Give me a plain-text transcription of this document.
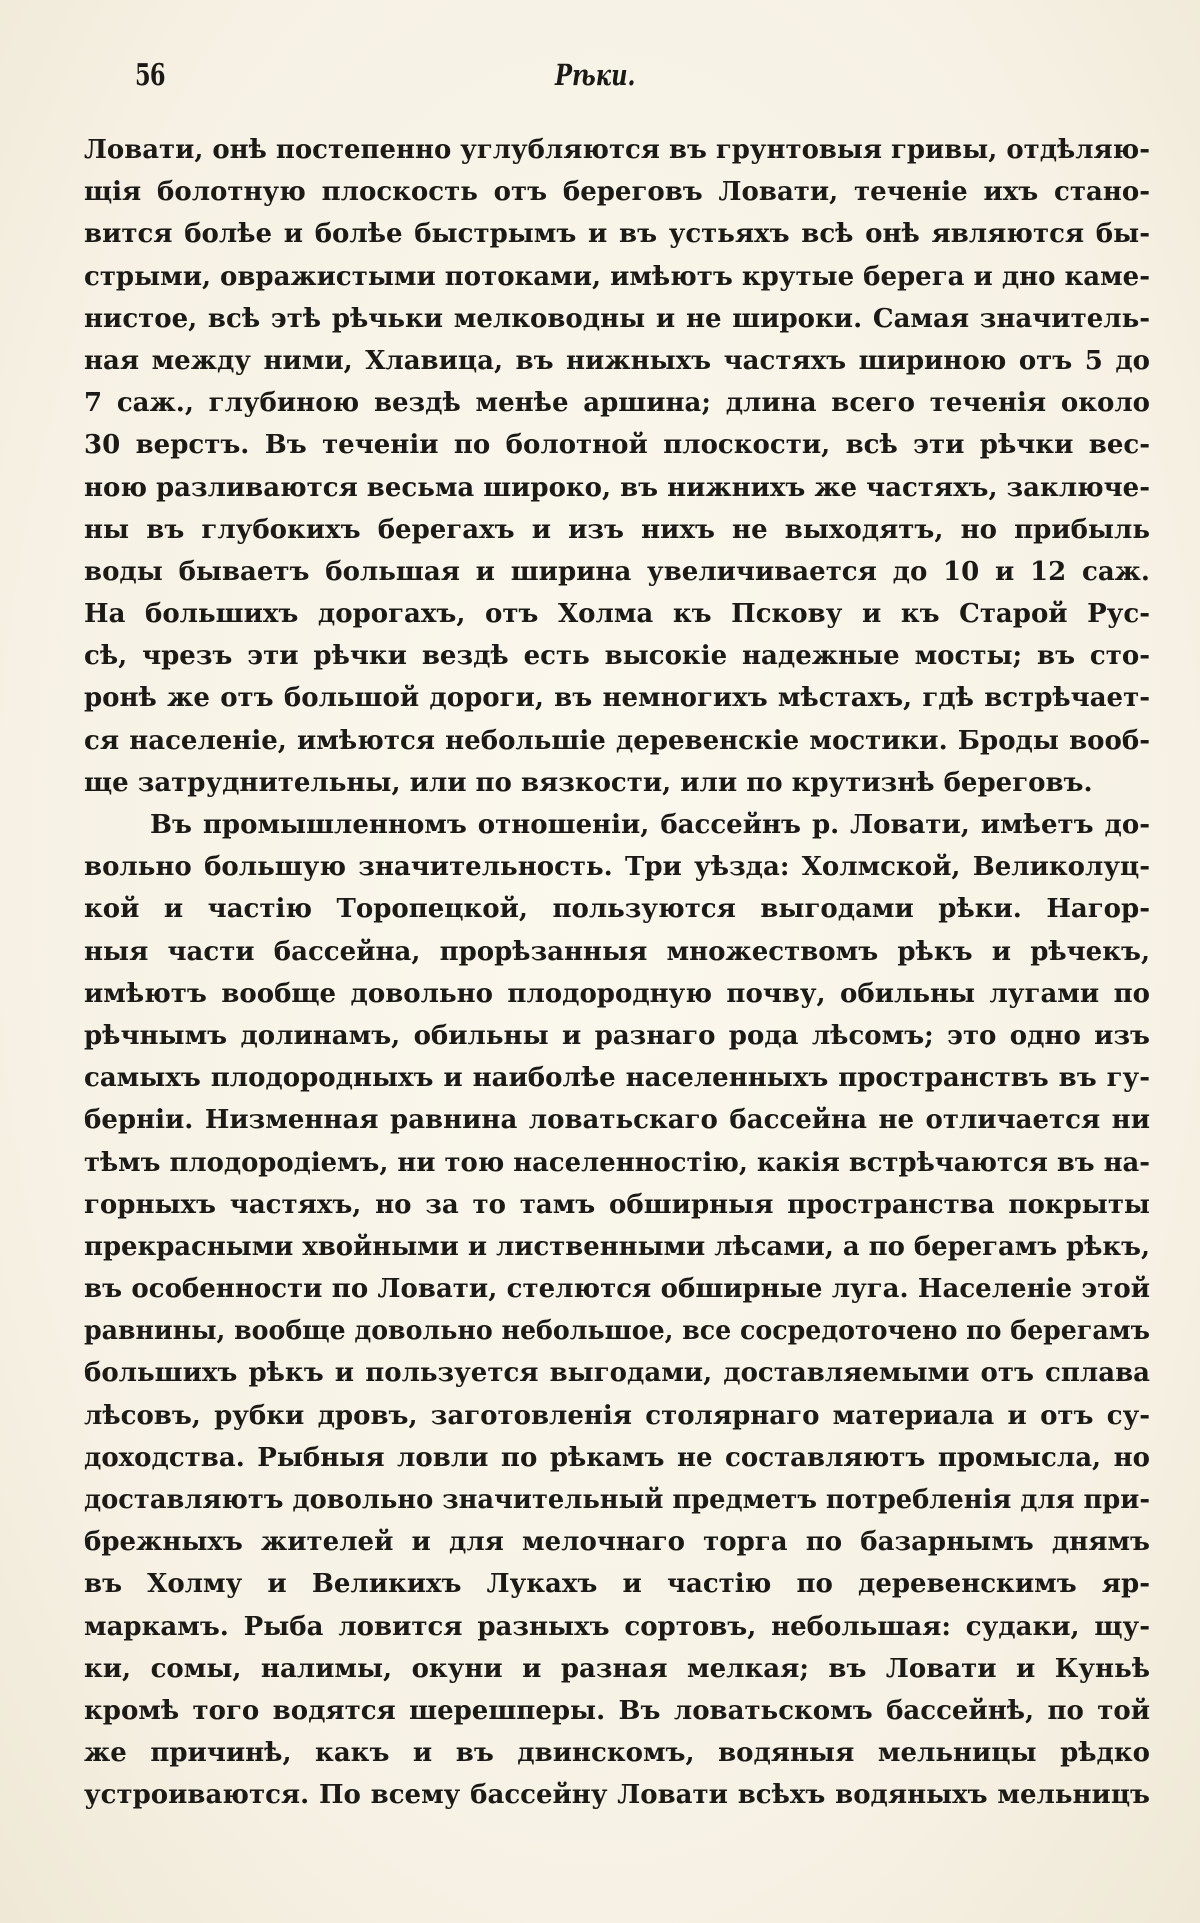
56	Рѣки.
Ловати, онѣ постепенно углубляются въ грунтовыя гривы, отдѣляю-
щія болотную плоскость отъ береговъ Ловати, теченіе ихъ стано-
вится болѣе и болѣе быстрымъ и въ устьяхъ всѣ онѣ являются бы-
стрыми, овражистыми потоками, имѣютъ крутые берега и дно каме-
нистое, всѣ этѣ рѣчьки мелководны и не широки. Самая значитель-
ная между ними, Хлавица, въ нижныхъ частяхъ шириною отъ 5 до
7 саж., глубиною вездѣ менѣе аршина; длина всего теченія около
30 верстъ. Въ теченіи по болотной плоскости, всѣ эти рѣчки вес-
ною разливаются весьма широко, въ нижнихъ же частяхъ, заключе-
ны въ глубокихъ берегахъ и изъ нихъ не выходятъ, но прибыль
воды бываетъ большая и ширина увеличивается до 10 и 12 саж.
На большихъ дорогахъ, отъ Холма къ Пскову и къ Старой Рус-
сѣ, чрезъ эти рѣчки вездѣ есть высокіе надежные мосты; въ сто-
ронѣ же отъ большой дороги, въ немногихъ мѣстахъ, гдѣ встрѣчает-
ся населеніе, имѣются небольшіе деревенскіе мостики. Броды вооб-
ще затруднительны, или по вязкости, или по крутизнѣ береговъ.
Въ промышленномъ отношеніи, бассейнъ р. Ловати, имѣетъ до-
вольно большую значительность. Три уѣзда: Холмской, Великолуц-
кой и частію Торопецкой, пользуются выгодами рѣки. Нагор-
ныя части бассейна, прорѣзанныя множествомъ рѣкъ и рѣчекъ,
имѣютъ вообще довольно плодородную почву, обильны лугами по
рѣчнымъ долинамъ, обильны и разнаго рода лѣсомъ; это одно изъ
самыхъ плодородныхъ и наиболѣе населенныхъ пространствъ въ гу-
берніи. Низменная равнина ловатьскаго бассейна не отличается ни
тѣмъ плодородіемъ, ни тою населенностію, какія встрѣчаются въ на-
горныхъ частяхъ, но за то тамъ обширныя пространства покрыты
прекрасными хвойными и лиственными лѣсами, а по берегамъ рѣкъ,
въ особенности по Ловати, стелются обширные луга. Населеніе этой
равнины, вообще довольно небольшое, все сосредоточено по берегамъ
большихъ рѣкъ и пользуется выгодами, доставляемыми отъ сплава
лѣсовъ, рубки дровъ, заготовленія столярнаго материала и отъ су-
доходства. Рыбныя ловли по рѣкамъ не составляютъ промысла, но
доставляютъ довольно значительный предметъ потребленія для при-
брежныхъ жителей и для мелочнаго торга по базарнымъ днямъ
въ Холму и Великихъ Лукахъ и частію по деревенскимъ яр-
маркамъ. Рыба ловится разныхъ сортовъ, небольшая: судаки, щу-
ки, сомы, налимы, окуни и разная мелкая; въ Ловати и Куньѣ
кромѣ того водятся шерешперы. Въ ловатьскомъ бассейнѣ, по той
же причинѣ, какъ и въ двинскомъ, водяныя мельницы рѣдко
устроиваются. По всему бассейну Ловати всѣхъ водяныхъ мельницъ
